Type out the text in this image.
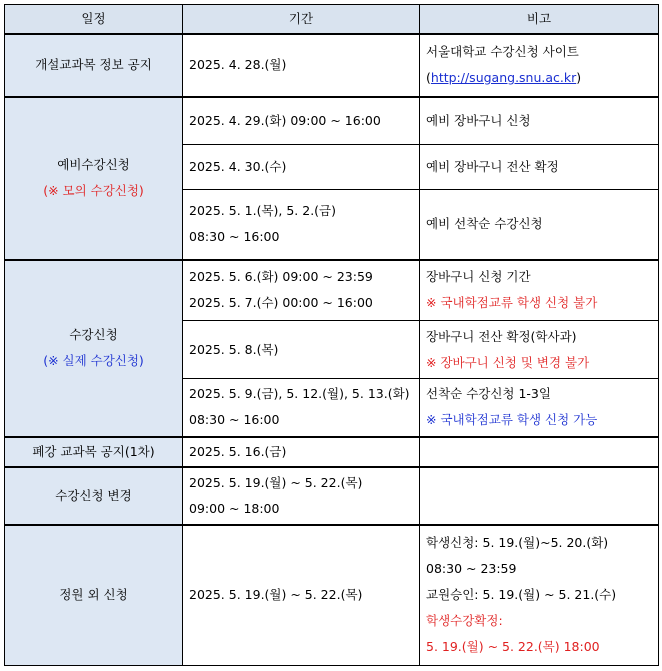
일정	기간	비고

개설교과목 정보 공지	2025. 4. 28.(월)	서울대학교 수강신청 사이트
(http://sugang.snu.ac.kr)

예비수강신청
(※ 모의 수강신청)	2025. 4. 29.(화) 09:00 ~ 16:00	예비 장바구니 신청

	2025. 4. 30.(수)	예비 장바구니 전산 확정

	2025. 5. 1.(목), 5. 2.(금)
08:30 ~ 16:00	예비 선착순 수강신청

수강신청
(※ 실제 수강신청)	2025. 5. 6.(화) 09:00 ~ 23:59
2025. 5. 7.(수) 00:00 ~ 16:00	장바구니 신청 기간
※ 국내학점교류 학생 신청 불가

	2025. 5. 8.(목)	장바구니 전산 확정(학사과)
※ 장바구니 신청 및 변경 불가

	2025. 5. 9.(금), 5. 12.(월), 5. 13.(화)
08:30 ~ 16:00	선착순 수강신청 1-3일
※ 국내학점교류 학생 신청 가능

폐강 교과목 공지(1차)	2025. 5. 16.(금)	

수강신청 변경	2025. 5. 19.(월) ~ 5. 22.(목)
09:00 ~ 18:00	

정원 외 신청	2025. 5. 19.(월) ~ 5. 22.(목)	학생신청: 5. 19.(월)~5. 20.(화)
08:30 ~ 23:59
교원승인: 5. 19.(월) ~ 5. 21.(수)
학생수강확정:
5. 19.(월) ~ 5. 22.(목) 18:00
